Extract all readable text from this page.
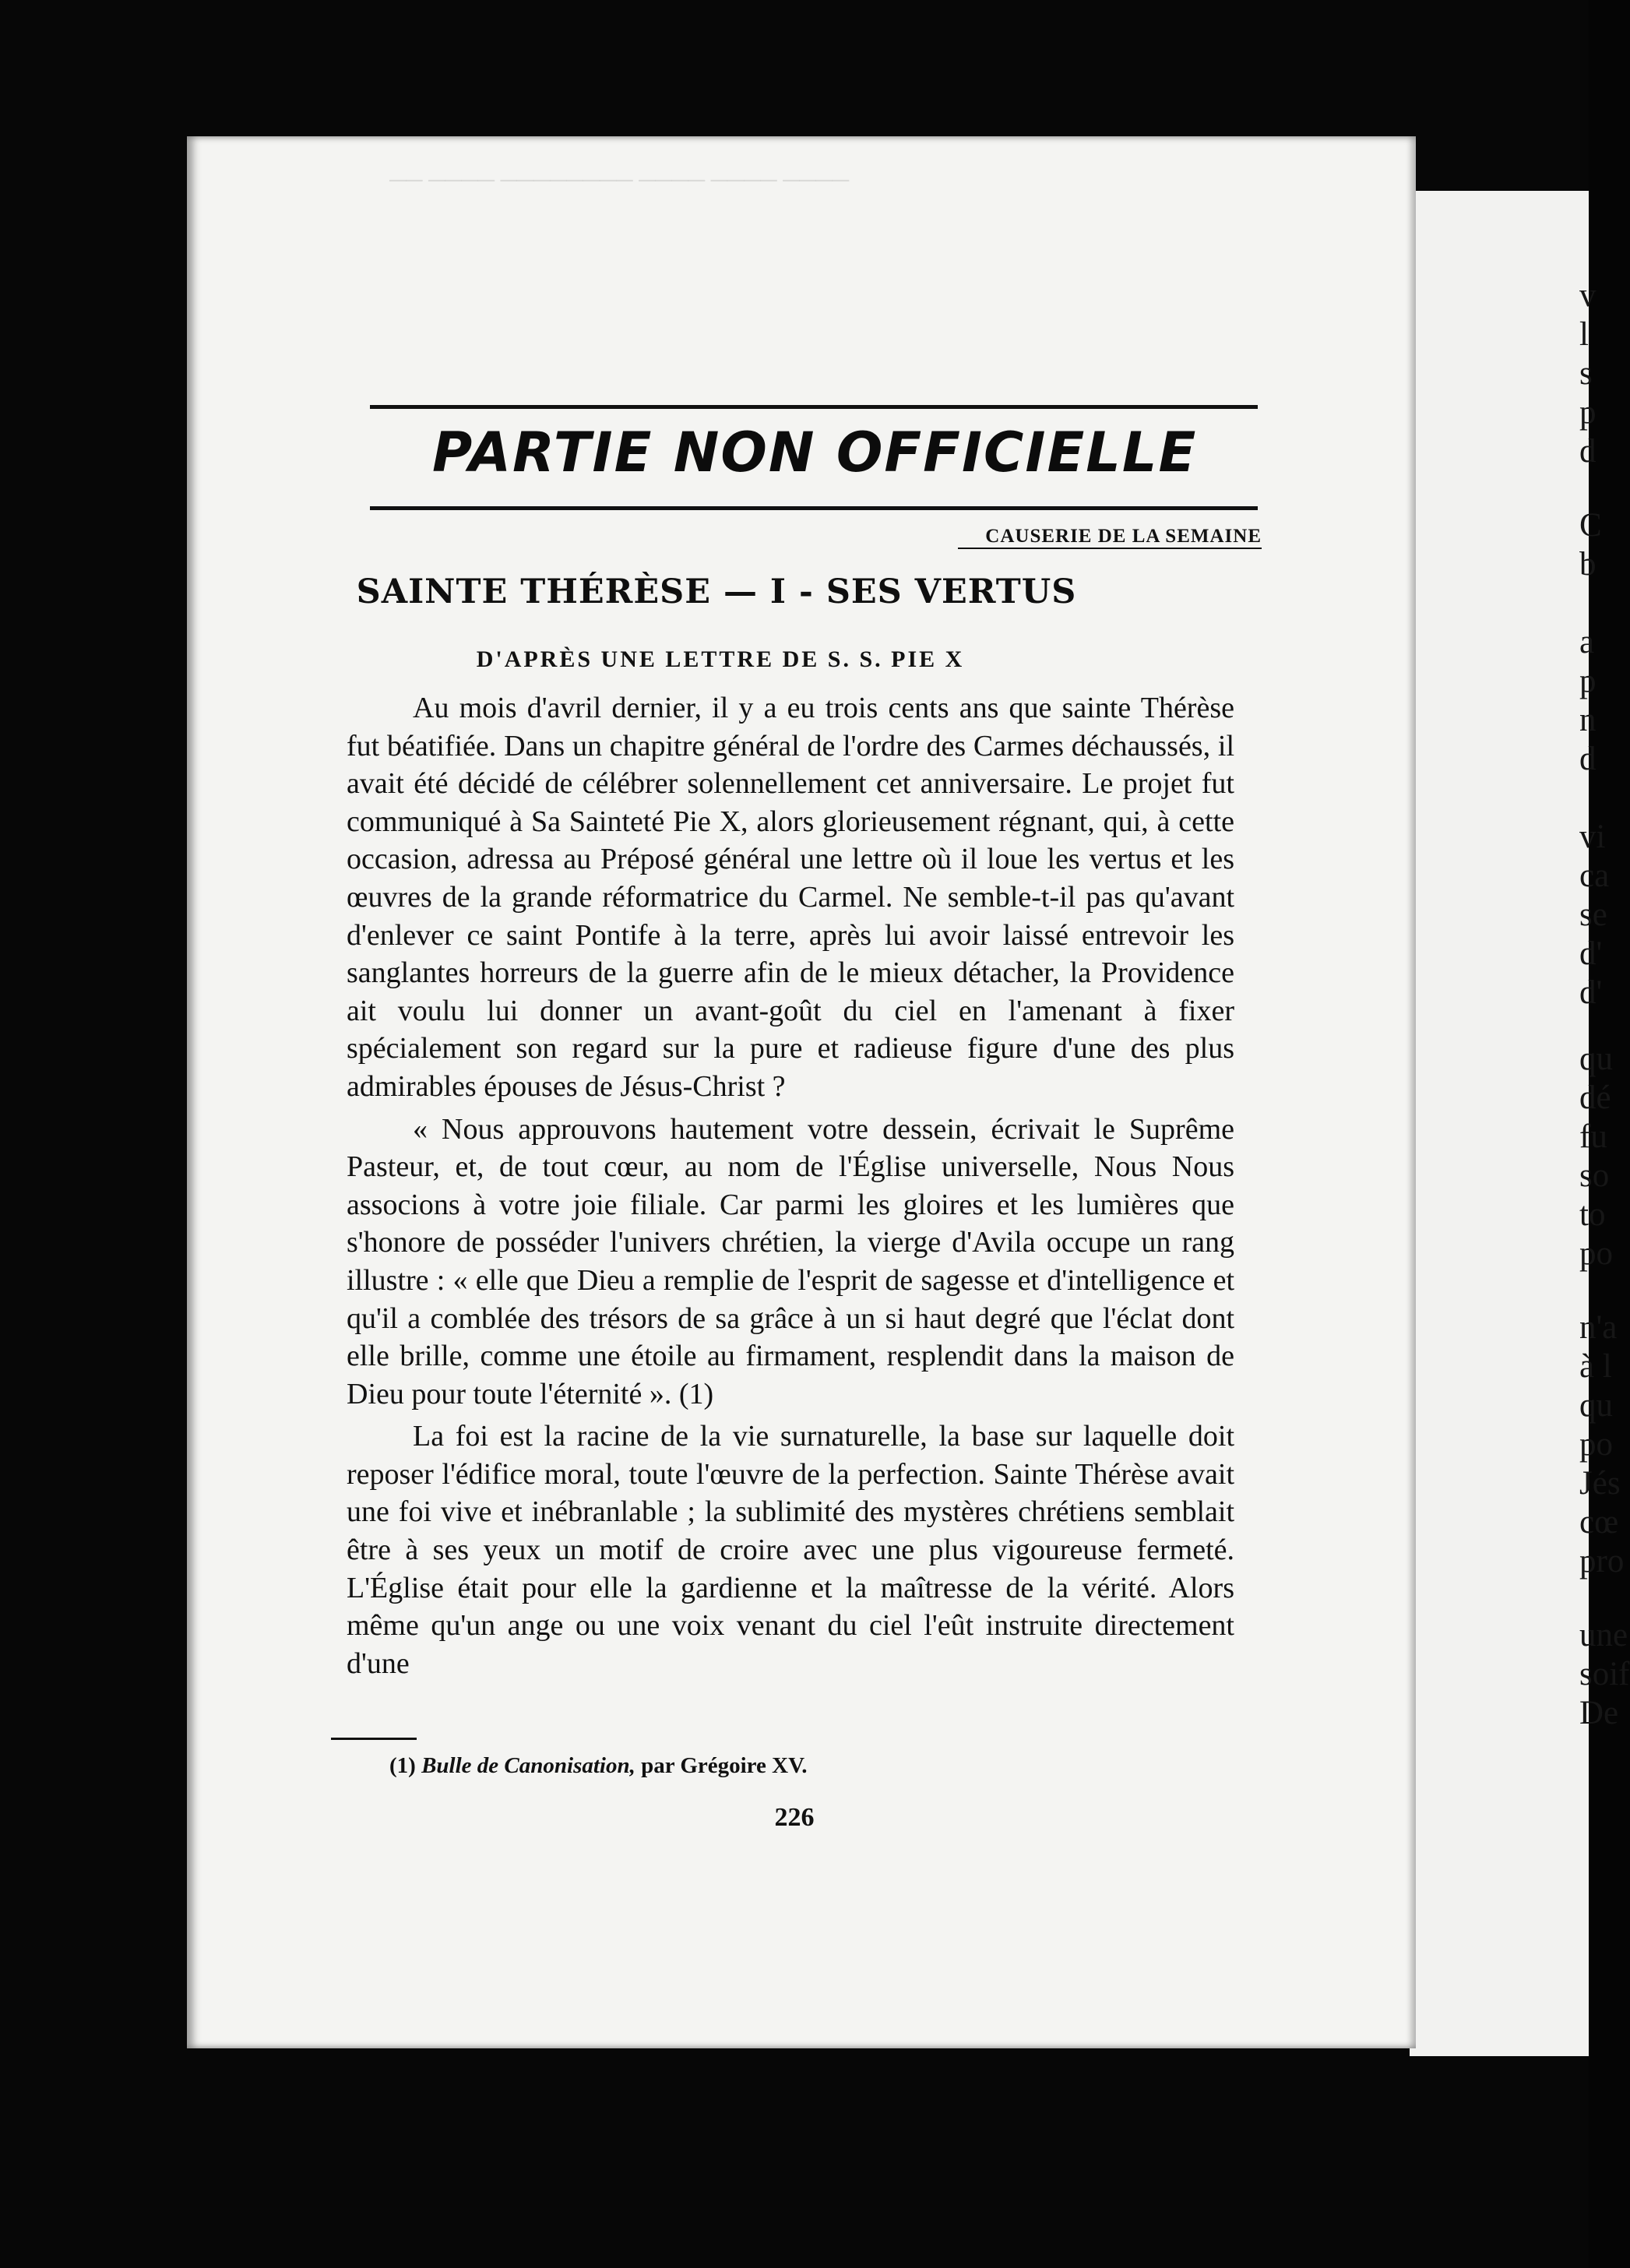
v
l
s
p
d
C
b
a
p
n
d
vi
ca
se
d'
d'
qu
dé
fu
so
to
po
n'a
à l
qu
po
Jés
cœ
pro
une
soif
De
── ──── ──────── ──── ──── ────
PARTIE NON OFFICIELLE
CAUSERIE DE LA SEMAINE
SAINTE THÉRÈSE — I - SES VERTUS
D'APRÈS UNE LETTRE DE S. S. PIE X

Au mois d'avril dernier, il y a eu trois cents ans que sainte Thérèse fut béatifiée. Dans un chapitre général de l'ordre des Carmes déchaussés, il avait été décidé de célébrer solennellement cet anniversaire. Le projet fut communiqué à Sa Sainteté Pie X, alors glorieusement régnant, qui, à cette occasion, adressa au Préposé général une lettre où il loue les vertus et les œuvres de la grande réformatrice du Carmel. Ne semble-t-il pas qu'avant d'enlever ce saint Pontife à la terre, après lui avoir laissé entrevoir les sanglantes horreurs de la guerre afin de le mieux détacher, la Providence ait voulu lui donner un avant-goût du ciel en l'amenant à fixer spécialement son regard sur la pure et radieuse figure d'une des plus admirables épouses de Jésus-Christ ?

« Nous approuvons hautement votre dessein, écrivait le Suprême Pasteur, et, de tout cœur, au nom de l'Église universelle, Nous Nous associons à votre joie filiale. Car parmi les gloires et les lumières que s'honore de posséder l'univers chrétien, la vierge d'Avila occupe un rang illustre : « elle que Dieu a remplie de l'esprit de sagesse et d'intelligence et qu'il a comblée des trésors de sa grâce à un si haut degré que l'éclat dont elle brille, comme une étoile au firmament, resplendit dans la maison de Dieu pour toute l'éternité ». (1)

La foi est la racine de la vie surnaturelle, la base sur laquelle doit reposer l'édifice moral, toute l'œuvre de la perfection. Sainte Thérèse avait une foi vive et inébranlable ; la sublimité des mystères chrétiens semblait être à ses yeux un motif de croire avec une plus vigoureuse fermeté. L'Église était pour elle la gardienne et la maîtresse de la vérité. Alors même qu'un ange ou une voix venant du ciel l'eût instruite directement d'une

(1) Bulle de Canonisation, par Grégoire XV.
226
